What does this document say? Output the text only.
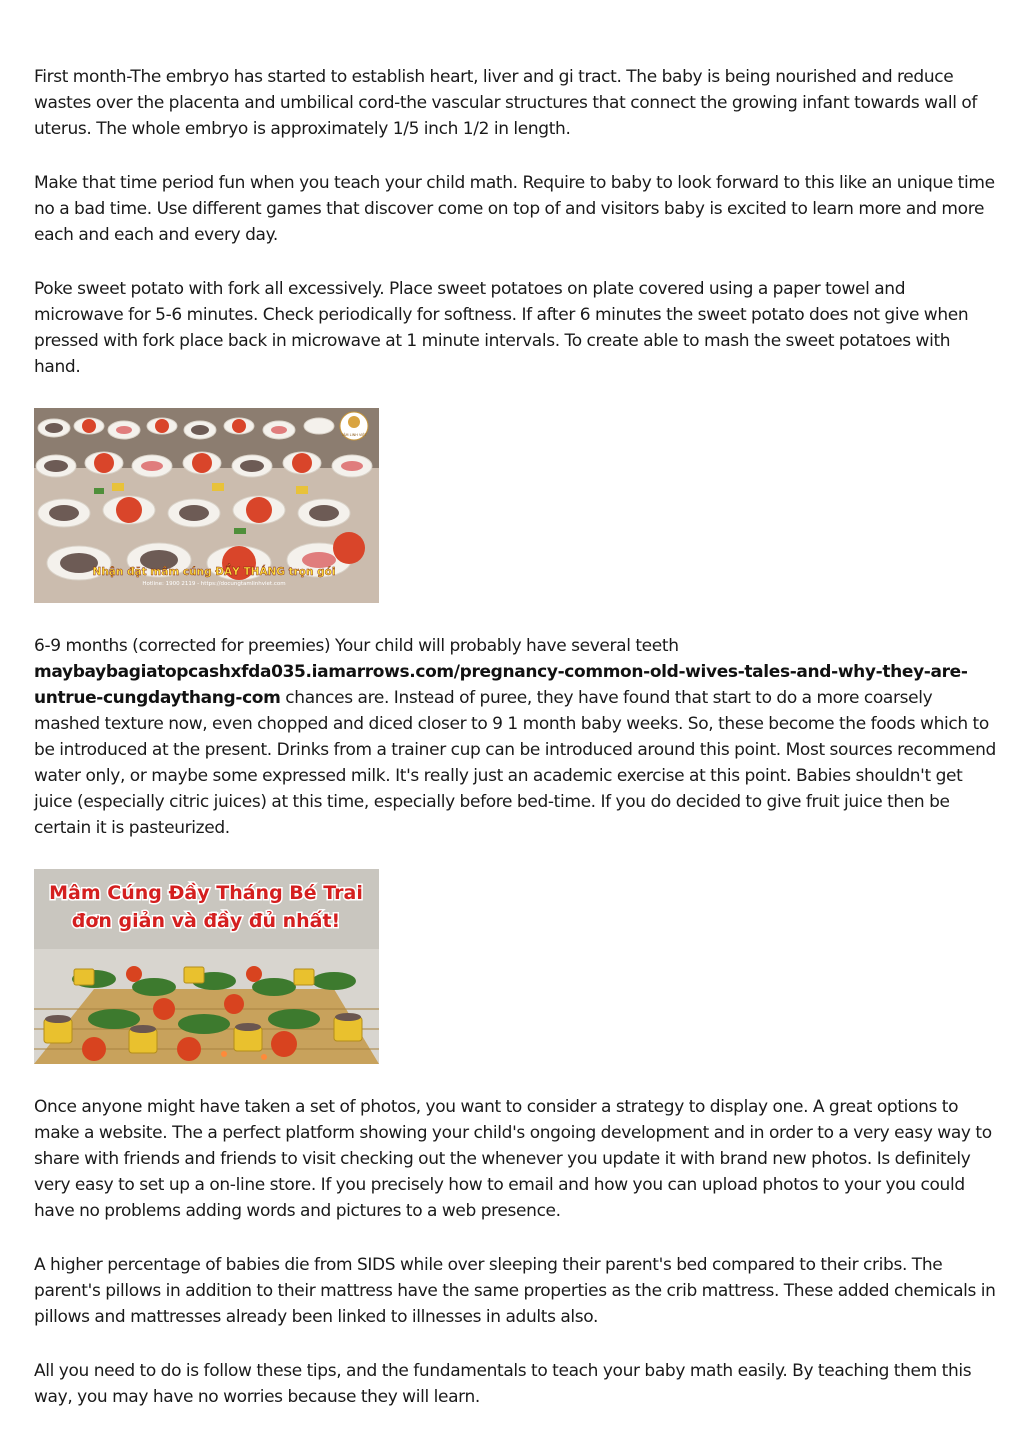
First month-The embryo has started to establish heart, liver and gi tract. The baby is being nourished and reduce wastes over the placenta and umbilical cord-the vascular structures that connect the growing infant towards wall of uterus. The whole embryo is approximately 1/5 inch 1/2 in length.

Make that time period fun when you teach your child math. Require to baby to look forward to this like an unique time no a bad time. Use different games that discover come on top of and visitors baby is excited to learn more and more each and each and every day.

Poke sweet potato with fork all excessively. Place sweet potatoes on plate covered using a paper towel and microwave for 5-6 minutes. Check periodically for softness. If after 6 minutes the sweet potato does not give when pressed with fork place back in microwave at 1 minute intervals. To create able to mash the sweet potatoes with hand.

TÂM LINH VIỆT
Nhận đặt mâm cúng ĐẦY THÁNG trọn gói
Hotline: 1900 2119 - https://docungtamlinhviet.com

6-9 months (corrected for preemies) Your child will probably have several teeth maybaybagiatopcashxfda035.iamarrows.com/pregnancy-common-old-wives-tales-and-why-they-are-untrue-cungdaythang-com chances are. Instead of puree, they have found that start to do a more coarsely mashed texture now, even chopped and diced closer to 9 1 month baby weeks. So, these become the foods which to be introduced at the present. Drinks from a trainer cup can be introduced around this point. Most sources recommend water only, or maybe some expressed milk. It's really just an academic exercise at this point. Babies shouldn't get juice (especially citric juices) at this time, especially before bed-time. If you do decided to give fruit juice then be certain it is pasteurized.

Mâm Cúng Đầy Tháng Bé Trai
đơn giản và đầy đủ nhất!

Once anyone might have taken a set of photos, you want to consider a strategy to display one. A great options to make a website. The a perfect platform showing your child's ongoing development and in order to a very easy way to share with friends and friends to visit checking out the whenever you update it with brand new photos. Is definitely very easy to set up a on-line store. If you precisely how to email and how you can upload photos to your you could have no problems adding words and pictures to a web presence.

A higher percentage of babies die from SIDS while over sleeping their parent's bed compared to their cribs. The parent's pillows in addition to their mattress have the same properties as the crib mattress. These added chemicals in pillows and mattresses already been linked to illnesses in adults also.

All you need to do is follow these tips, and the fundamentals to teach your baby math easily. By teaching them this way, you may have no worries because they will learn.
